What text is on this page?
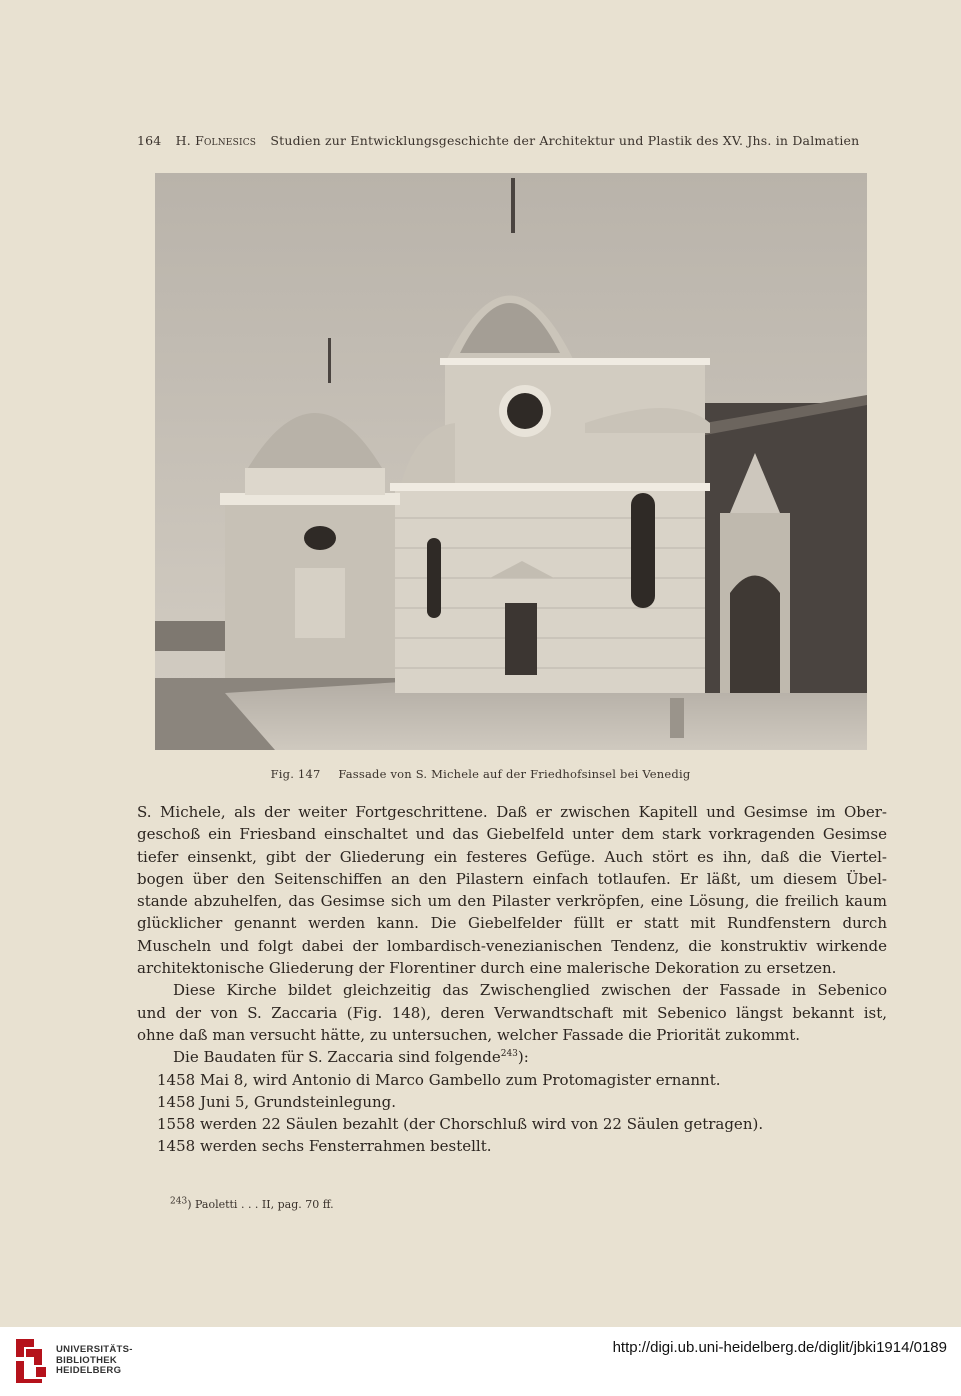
164 H. Folnesics Studien zur Entwicklungsgeschichte der Architektur und Plastik des XV. Jhs. in Dalmatien
Fig. 147 Fassade von S. Michele auf der Friedhofsinsel bei Venedig

S. Michele, als der weiter Fortgeschrittene. Daß er zwischen Kapitell und Gesimse im Ober-

geschoß ein Friesband einschaltet und das Giebelfeld unter dem stark vorkragenden Gesimse

tiefer einsenkt, gibt der Gliederung ein festeres Gefüge. Auch stört es ihn, daß die Viertel-

bogen über den Seitenschiffen an den Pilastern einfach totlaufen. Er läßt, um diesem Übel-

stande abzuhelfen, das Gesimse sich um den Pilaster verkröpfen, eine Lösung, die freilich kaum

glücklicher genannt werden kann. Die Giebelfelder füllt er statt mit Rundfenstern durch

Muscheln und folgt dabei der lombardisch-venezianischen Tendenz, die konstruktiv wirkende

architektonische Gliederung der Florentiner durch eine malerische Dekoration zu ersetzen.

Diese Kirche bildet gleichzeitig das Zwischenglied zwischen der Fassade in Sebenico

und der von S. Zaccaria (Fig. 148), deren Verwandtschaft mit Sebenico längst bekannt ist,

ohne daß man versucht hätte, zu untersuchen, welcher Fassade die Priorität zukommt.

Die Baudaten für S. Zaccaria sind folgende$^{243}$):

1458 Mai 8, wird Antonio di Marco Gambello zum Protomagister ernannt.
1458 Juni 5, Grundsteinlegung.
1558 werden 22 Säulen bezahlt (der Chorschluß wird von 22 Säulen getragen).
1458 werden sechs Fensterrahmen bestellt.
$^{243}$) Paoletti . . . II, pag. 70 ff.
UNIVERSITÄTS-
BIBLIOTHEK
HEIDELBERG
http://digi.ub.uni-heidelberg.de/diglit/jbki1914/0189
